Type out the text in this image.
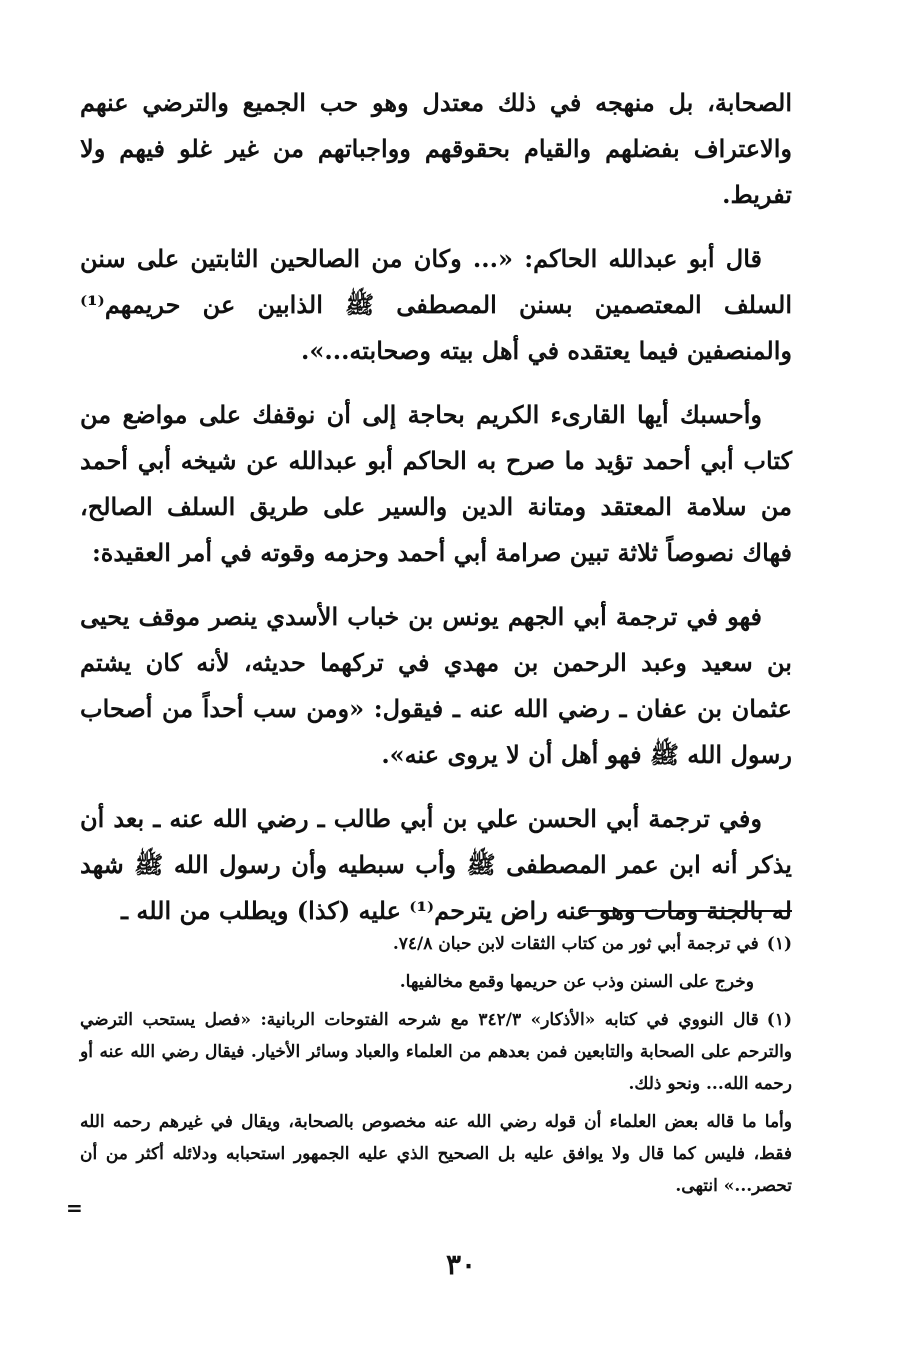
الصحابة، بل منهجه في ذلك معتدل وهو حب الجميع والترضي عنهم والاعتراف بفضلهم والقيام بحقوقهم وواجباتهم من غير غلو فيهم ولا تفريط.

قال أبو عبدالله الحاكم: «... وكان من الصالحين الثابتين على سنن السلف المعتصمين بسنن المصطفى ﷺ الذابين عن حريمهم⁽¹⁾ والمنصفين فيما يعتقده في أهل بيته وصحابته...».

وأحسبك أيها القارىء الكريم بحاجة إلى أن نوقفك على مواضع من كتاب أبي أحمد تؤيد ما صرح به الحاكم أبو عبدالله عن شيخه أبي أحمد من سلامة المعتقد ومتانة الدين والسير على طريق السلف الصالح، فهاك نصوصاً ثلاثة تبين صرامة أبي أحمد وحزمه وقوته في أمر العقيدة:

فهو في ترجمة أبي الجهم يونس بن خباب الأسدي ينصر موقف يحيى بن سعيد وعبد الرحمن بن مهدي في تركهما حديثه، لأنه كان يشتم عثمان بن عفان ـ رضي الله عنه ـ فيقول: «ومن سب أحداً من أصحاب رسول الله ﷺ فهو أهل أن لا يروى عنه».

وفي ترجمة أبي الحسن علي بن أبي طالب ـ رضي الله عنه ـ بعد أن يذكر أنه ابن عمر المصطفى ﷺ وأب سبطيه وأن رسول الله ﷺ شهد له بالجنة ومات وهو عنه راض يترحم⁽¹⁾ عليه (كذا) ويطلب من الله ـ

(١)في ترجمة أبي ثور من كتاب الثقات لابن حبان ٧٤/٨.

وخرج على السنن وذب عن حريمها وقمع مخالفيها.

(١)قال النووي في كتابه «الأذكار» ٣٤٢/٣ مع شرحه الفتوحات الربانية: «فصل يستحب الترضي والترحم على الصحابة والتابعين فمن بعدهم من العلماء والعباد وسائر الأخيار. فيقال رضي الله عنه أو رحمه الله... ونحو ذلك.

وأما ما قاله بعض العلماء أن قوله رضي الله عنه مخصوص بالصحابة، ويقال في غيرهم رحمه الله فقط، فليس كما قال ولا يوافق عليه بل الصحيح الذي عليه الجمهور استحبابه ودلائله أكثر من أن تحصر...» انتهى.

=
٣٠
